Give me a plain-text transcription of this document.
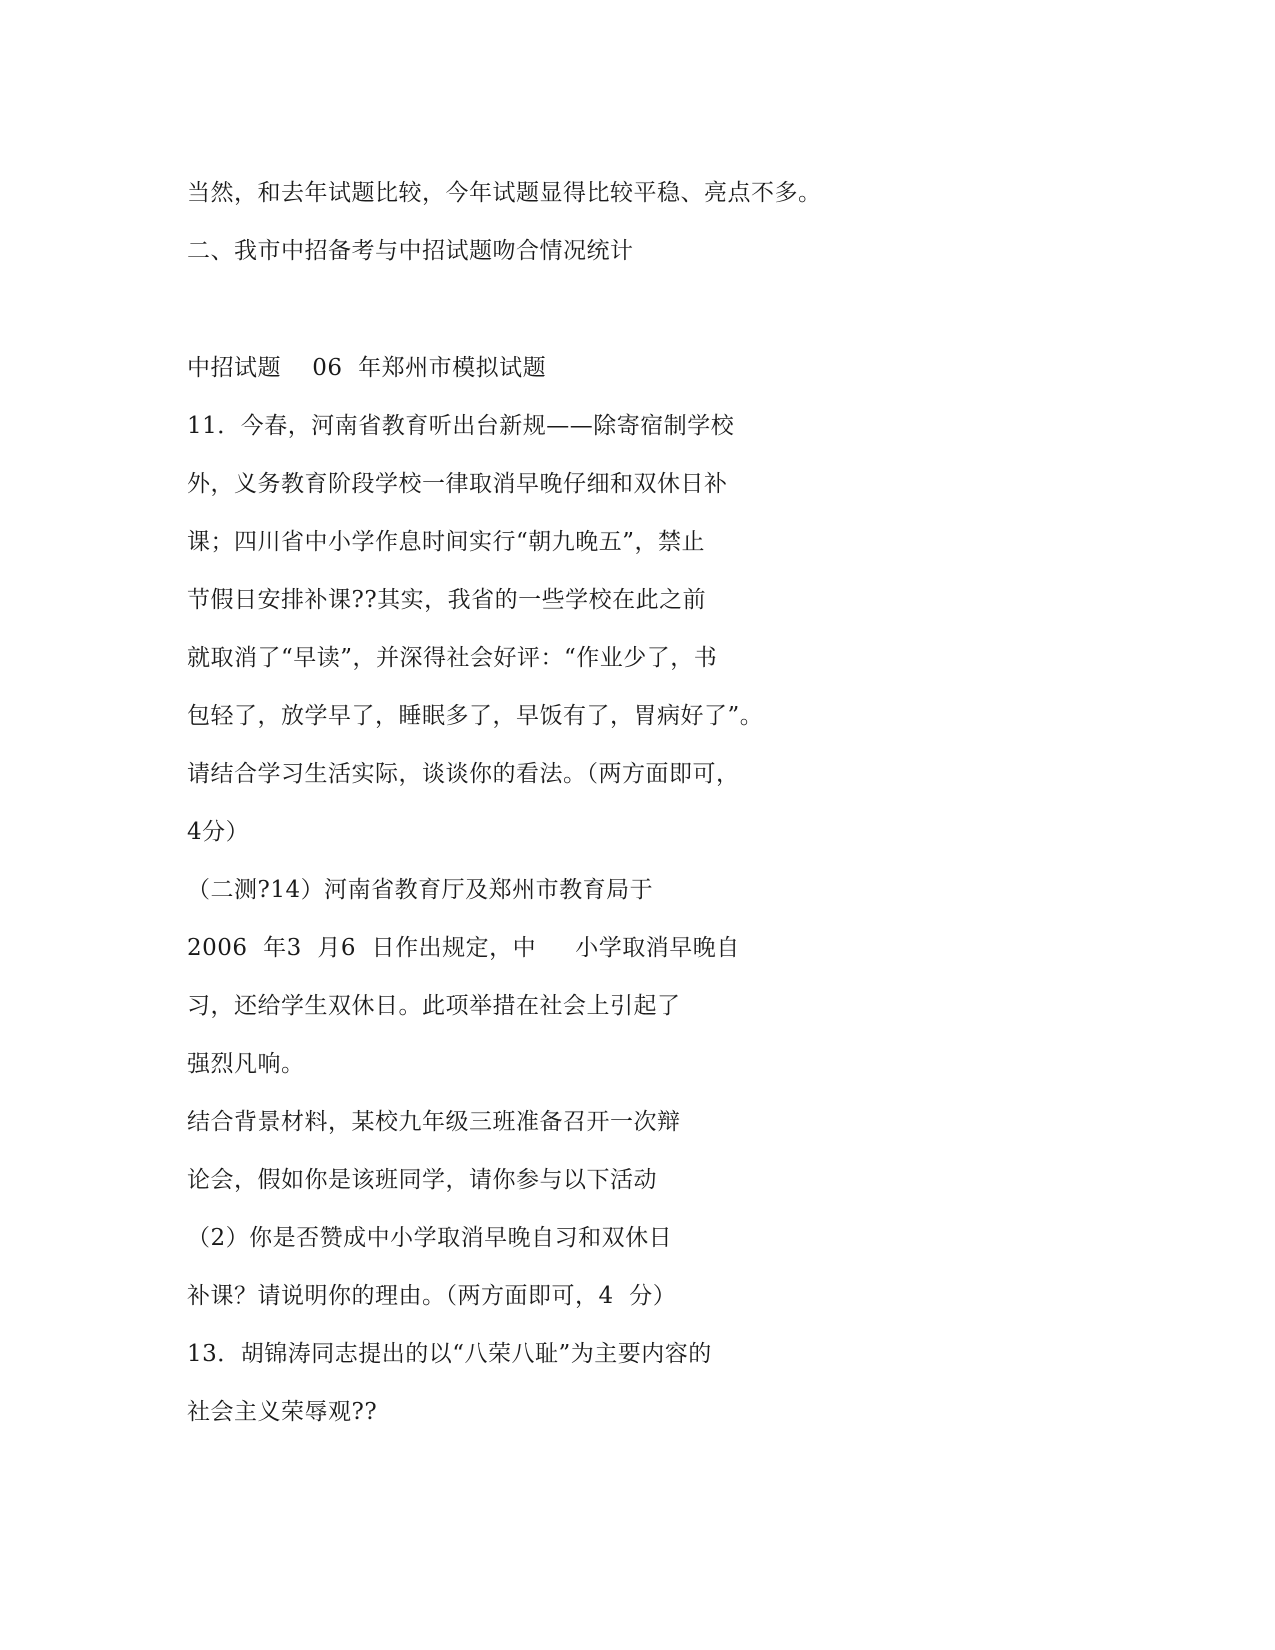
当然，和去年试题比较，今年试题显得比较平稳、亮点不多。
二、我市中招备考与中招试题吻合情况统计
中招试题    06  年郑州市模拟试题
11．今春，河南省教育听出台新规——除寄宿制学校
外，义务教育阶段学校一律取消早晚仔细和双休日补
课；四川省中小学作息时间实行“朝九晚五”，禁止
节假日安排补课??其实，我省的一些学校在此之前
就取消了“早读”，并深得社会好评：“作业少了，书
包轻了，放学早了，睡眠多了，早饭有了，胃病好了”。
请结合学习生活实际，谈谈你的看法。（两方面即可，
4分）
（二测?14）河南省教育厅及郑州市教育局于
2006  年3  月6  日作出规定，中     小学取消早晚自
习，还给学生双休日。此项举措在社会上引起了
强烈凡响。
结合背景材料，某校九年级三班准备召开一次辩
论会，假如你是该班同学，请你参与以下活动
（2）你是否赞成中小学取消早晚自习和双休日
补课？请说明你的理由。（两方面即可，4  分）
13．胡锦涛同志提出的以“八荣八耻”为主要内容的
社会主义荣辱观??
